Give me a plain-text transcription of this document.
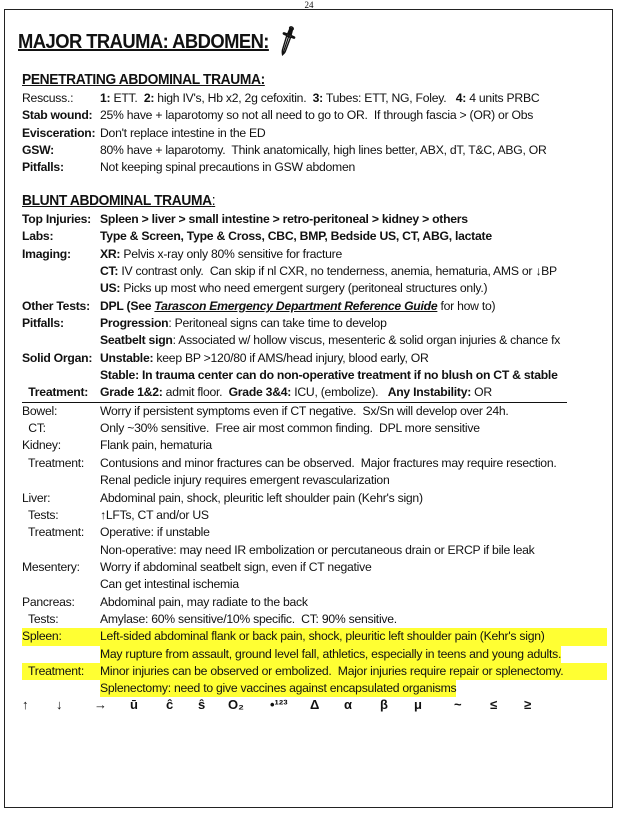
24
MAJOR TRAUMA: ABDOMEN:🗡︎
PENETRATING ABDOMINAL TRAUMA:
Rescuss.: 1: ETT.  2: high IV's, Hb x2, 2g cefoxitin.  3: Tubes: ETT, NG, Foley.   4: 4 units PRBC
Stab wound: 25% have + laparotomy so not all need to go to OR.  If through fascia > (OR) or Obs
Evisceration: Don't replace intestine in the ED
GSW:	80% have + laparotomy.  Think anatomically, high lines better, ABX, dT, T&C, ABG, OR
Pitfalls:	Not keeping spinal precautions in GSW abdomen
BLUNT ABDOMINAL TRAUMA:
Top Injuries: Spleen > liver > small intestine > retro-peritoneal > kidney > others
Labs:	Type & Screen, Type & Cross, CBC, BMP, Bedside US, CT, ABG, lactate
Imaging: XR: Pelvis x-ray only 80% sensitive for fracture
CT: IV contrast only.  Can skip if nl CXR, no tenderness, anemia, hematuria, AMS or ↓BP
US: Picks up most who need emergent surgery (peritoneal structures only.)
Other Tests: DPL (See Tarascon Emergency Department Reference Guide for how to)
Pitfalls:	Progression: Peritoneal signs can take time to develop
Seatbelt sign: Associated w/ hollow viscus, mesenteric & solid organ injuries & chance fx
Solid Organ: Unstable: keep BP >120/80 if AMS/head injury, blood early, OR
Stable: In trauma center can do non-operative treatment if no blush on CT & stable
Treatment: Grade 1&2: admit floor.  Grade 3&4: ICU, (embolize).   Any Instability: OR
Bowel:	Worry if persistent symptoms even if CT negative.  Sx/Sn will develop over 24h.
CT:	Only ~30% sensitive.  Free air most common finding.  DPL more sensitive
Kidney:	Flank pain, hematuria
Treatment: Contusions and minor fractures can be observed.  Major fractures may require resection.
Renal pedicle injury requires emergent revascularization
Liver:	Abdominal pain, shock, pleuritic left shoulder pain (Kehr's sign)
Tests:	↑LFTs, CT and/or US
Treatment: Operative: if unstable
Non-operative: may need IR embolization or percutaneous drain or ERCP if bile leak
Mesentery: Worry if abdominal seatbelt sign, even if CT negative
Can get intestinal ischemia
Pancreas: Abdominal pain, may radiate to the back
Tests:	Amylase: 60% sensitive/10% specific.  CT: 90% sensitive.
Spleen:	Left-sided abdominal flank or back pain, shock, pleuritic left shoulder pain (Kehr's sign)
May rupture from assault, ground level fall, athletics, especially in teens and young adults.
Treatment: Minor injuries can be observed or embolized.  Major injuries require repair or splenectomy.
Splenectomy: need to give vaccines against encapsulated organisms
↑ ↓ → ū ĉ ŝ O₂ •¹²³ Δ α β μ ~ ≤ ≥
